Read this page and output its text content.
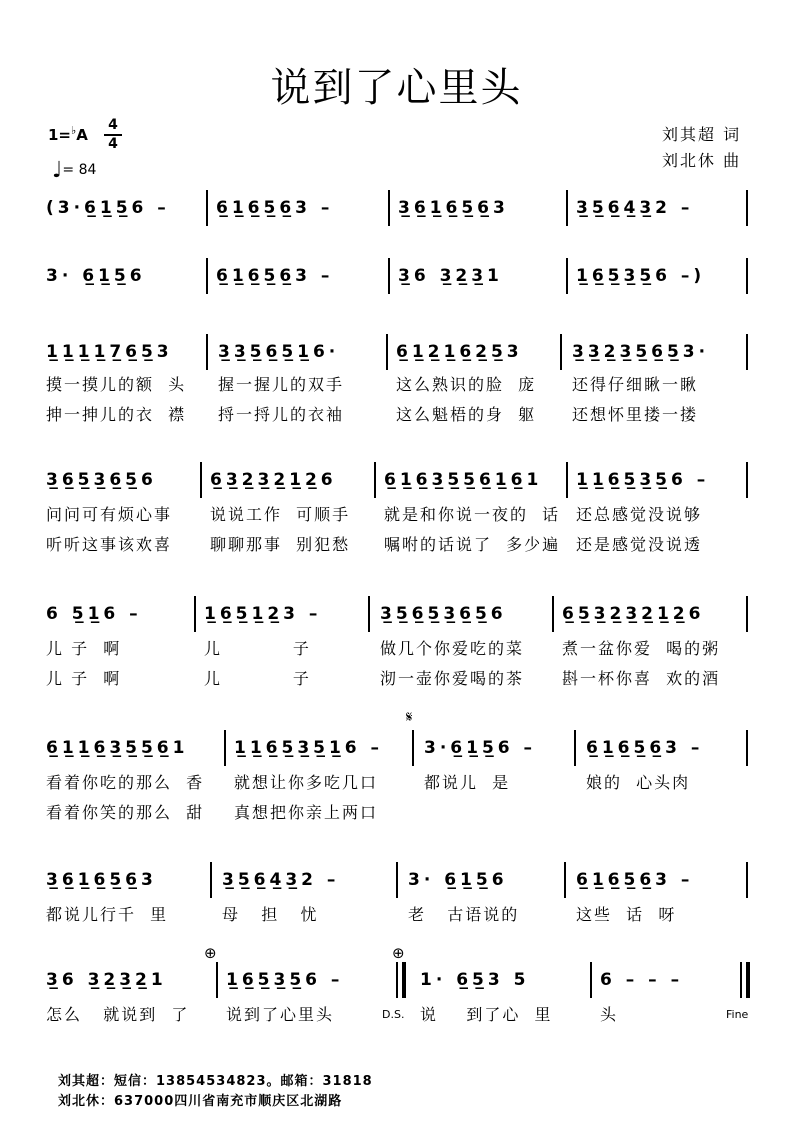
说到了心里头
1=♭A
4
4
♩= 84
刘其超 词
刘北休 曲
(3·6̲1̲5̲6 –	6̲1̲6̲5̲6̲3 –	3̲6̲1̲6̲5̲6̲3	3̲5̲6̲4̲3̲2 –
3· 6̲1̲5̲6	6̲1̲6̲5̲6̲3 –	3̲6 3̲2̲3̲1	1̲6̲5̲3̲5̲6 –)
1̲1̲1̲1̲7̲6̲5̲3	3̲3̲5̲6̲5̲1̲6·	6̲1̲2̲1̲6̲2̲5̲3	3̲3̲2̲3̲5̲6̲5̲3·
摸一摸儿的额  头 握一握儿的双手	这么熟识的脸  庞 还得仔细瞅一瞅
抻一抻儿的衣  襟 捋一捋儿的衣袖	这么魁梧的身  躯 还想怀里搂一搂
3̲6̲5̲3̲6̲5̲6	6̲3̲2̲3̲2̲1̲2̲6	6̲1̲6̲3̲5̲5̲6̲1̲6̲1 1̲1̲6̲5̲3̲5̲6 –
问问可有烦心事 说说工作  可顺手 就是和你说一夜的  话 还总感觉没说够
听听这事该欢喜 聊聊那事  别犯愁 嘱咐的话说了  多少遍 还是感觉没说透
6 5̲1̲6 –	1̲6̲5̲1̲2̲3 –	3̲5̲6̲5̲3̲6̲5̲6	6̲5̲3̲2̲3̲2̲1̲2̲6
儿 子  啊	儿          子	做几个你爱吃的菜 煮一盆你爱  喝的粥
儿 子  啊	儿          子	沏一壶你爱喝的茶 斟一杯你喜  欢的酒
𝄋
6̲1̲1̲6̲3̲5̲5̲6̲1	1̲1̲6̲5̲3̲5̲1̲6 – 3·6̲1̲5̲6 –	6̲1̲6̲5̲6̲3 –
看着你吃的那么  香 就想让你多吃几口	都说儿  是	娘的  心头肉
看着你笑的那么  甜 真想把你亲上两口
3̲6̲1̲6̲5̲6̲3	3̲5̲6̲4̲3̲2 –	3· 6̲1̲5̲6	6̲1̲6̲5̲6̲3 –
都说儿行千  里	母   担   忧	老   古语说的	这些  话  呀
⊕	⊕
3̲6 3̲2̲3̲2̲1	1̲6̲5̲3̲5̲6 –	1· 6̲5̲3 5	6 – – –
怎么   就说到  了 说到了心里头	D.S. 说    到了心  里	头	Fine
刘其超：短信：13854534823。邮箱：31818
刘北休：637000四川省南充市顺庆区北湖路
